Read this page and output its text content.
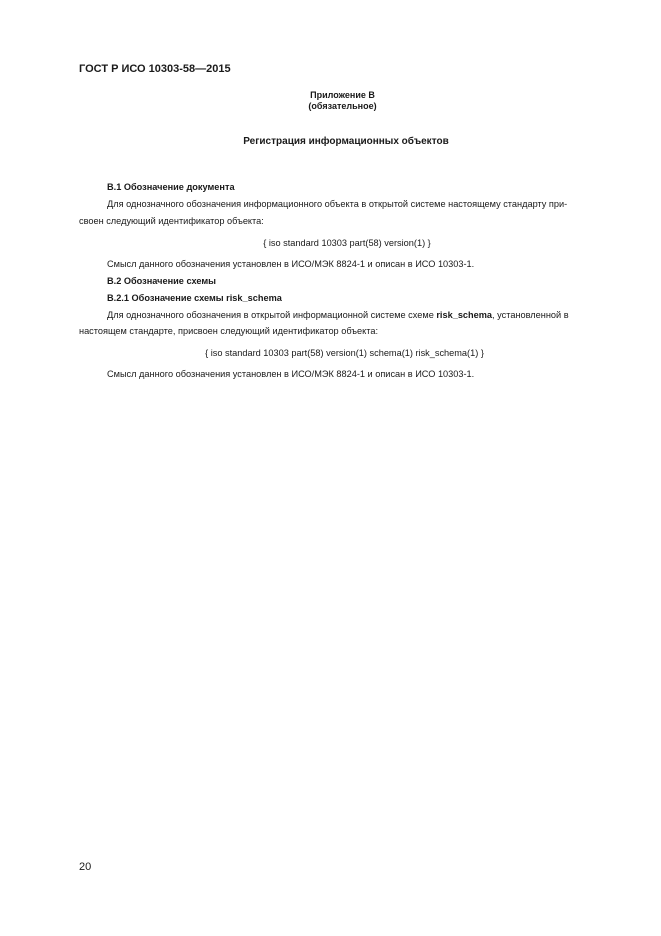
ГОСТ Р ИСО 10303-58—2015
Приложение В
(обязательное)
Регистрация информационных объектов
В.1 Обозначение документа
Для однозначного обозначения информационного объекта в открытой системе настоящему стандарту при-
своен следующий идентификатор объекта:
{ iso standard 10303 part(58) version(1) }
Смысл данного обозначения установлен в ИСО/МЭК 8824-1 и описан в ИСО 10303-1.
В.2 Обозначение схемы
В.2.1 Обозначение схемы risk_schema
Для однозначного обозначения в открытой информационной системе схеме risk_schema, установленной в
настоящем стандарте, присвоен следующий идентификатор объекта:
{ iso standard 10303 part(58) version(1) schema(1) risk_schema(1) }
Смысл данного обозначения установлен в ИСО/МЭК 8824-1 и описан в ИСО 10303-1.
20
